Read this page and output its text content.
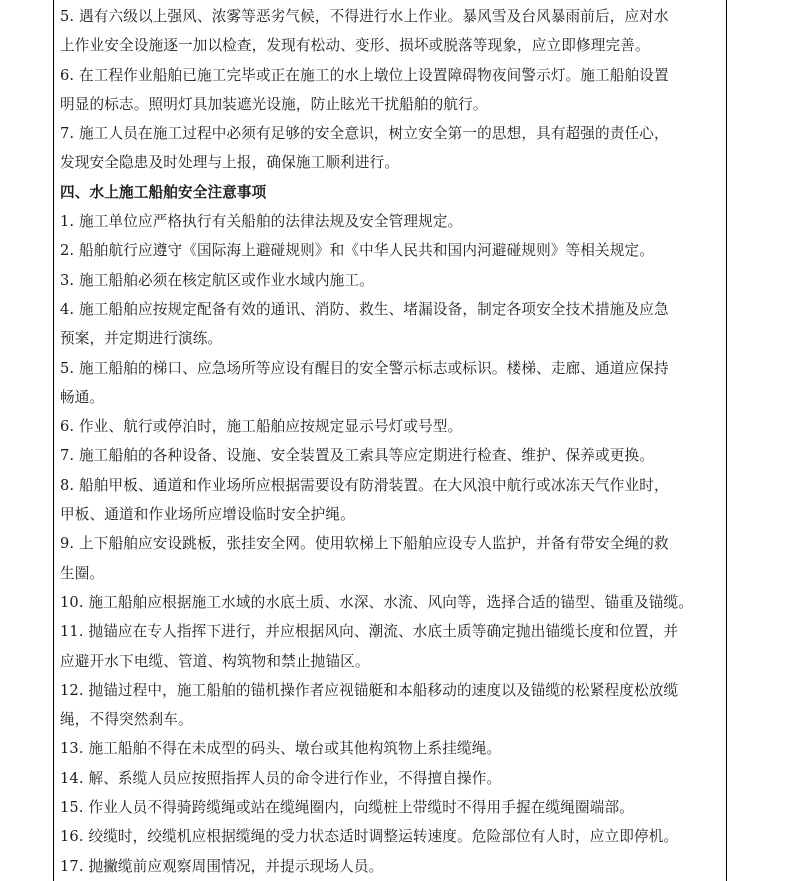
5. 遇有六级以上强风、浓雾等恶劣气候，不得进行水上作业。暴风雪及台风暴雨前后，应对水
上作业安全设施逐一加以检查，发现有松动、变形、损坏或脱落等现象，应立即修理完善。
6. 在工程作业船舶已施工完毕或正在施工的水上墩位上设置障碍物夜间警示灯。施工船舶设置
明显的标志。照明灯具加装遮光设施，防止眩光干扰船舶的航行。
7. 施工人员在施工过程中必须有足够的安全意识，树立安全第一的思想，具有超强的责任心，
发现安全隐患及时处理与上报，确保施工顺利进行。
四、水上施工船舶安全注意事项
1. 施工单位应严格执行有关船舶的法律法规及安全管理规定。
2. 船舶航行应遵守《国际海上避碰规则》和《中华人民共和国内河避碰规则》等相关规定。
3. 施工船舶必须在核定航区或作业水域内施工。
4. 施工船舶应按规定配备有效的通讯、消防、救生、堵漏设备，制定各项安全技术措施及应急
预案，并定期进行演练。
5. 施工船舶的梯口、应急场所等应设有醒目的安全警示标志或标识。楼梯、走廊、通道应保持
畅通。
6. 作业、航行或停泊时，施工船舶应按规定显示号灯或号型。
7. 施工船舶的各种设备、设施、安全装置及工索具等应定期进行检查、维护、保养或更换。
8. 船舶甲板、通道和作业场所应根据需要设有防滑装置。在大风浪中航行或冰冻天气作业时，
甲板、通道和作业场所应增设临时安全护绳。
9. 上下船舶应安设跳板，张挂安全网。使用软梯上下船舶应设专人监护，并备有带安全绳的救
生圈。
10. 施工船舶应根据施工水域的水底土质、水深、水流、风向等，选择合适的锚型、锚重及锚缆。
11. 抛锚应在专人指挥下进行，并应根据风向、潮流、水底土质等确定抛出锚缆长度和位置，并
应避开水下电缆、管道、构筑物和禁止抛锚区。
12. 抛锚过程中，施工船舶的锚机操作者应视锚艇和本船移动的速度以及锚缆的松紧程度松放缆
绳，不得突然刹车。
13. 施工船舶不得在未成型的码头、墩台或其他构筑物上系挂缆绳。
14. 解、系缆人员应按照指挥人员的命令进行作业，不得擅自操作。
15. 作业人员不得骑跨缆绳或站在缆绳圈内，向缆桩上带缆时不得用手握在缆绳圈端部。
16. 绞缆时，绞缆机应根据缆绳的受力状态适时调整运转速度。危险部位有人时，应立即停机。
17. 抛撇缆前应观察周围情况，并提示现场人员。
